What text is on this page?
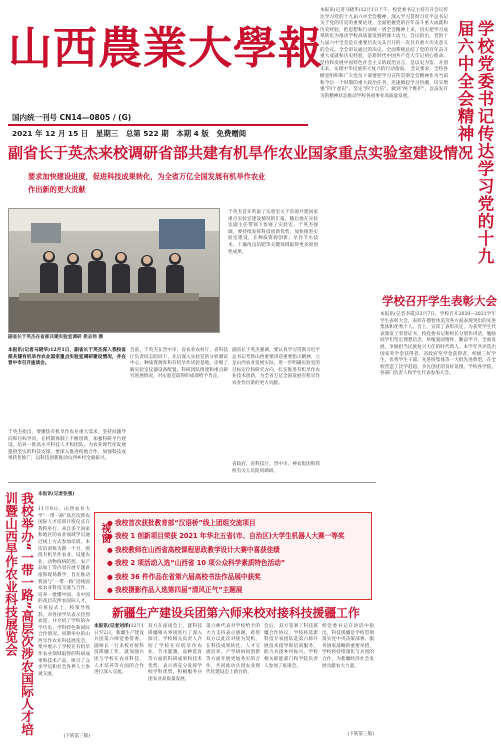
山西農業大學報
国内统一刊号 CN14—0805 / (G)
2021 年 12 月 15 日 星期三 总第 522 期 本期 4 版 免费赠阅	学校党委书记传达学习党的十九届六中全会精神
本报讯(记者马晓华)12月1日下午，校党委书记主持召开会议传达学习党的十九届六中全会精神，深入学习贯彻习近平总书记关于党的历史的重要论述，全面把握党的百年奋斗重大成就和历史经验，把思想和行动统一到全会精神上来，切实把学习成果转化为推动学校高质量发展的强大动力。会议指出，党的十九届六中全会是在重要历史关头召开的一次具有重大历史意义的会议。全会审议通过的决议，全面系统总结了党的百年奋斗重大成就和历史经验，是新时代中国共产党人牢记初心使命、坚持和发展中国特色社会主义的政治宣言，是以史为鉴、开创未来，实现中华民族伟大复兴的行动指南。 会议要求，全校各级党组织和广大党员干部要把学习宣传贯彻全会精神作为当前和今后一个时期的重大政治任务，迅速掀起学习热潮，切实增强“四个意识”、坚定“四个自信”、做到“两个维护”，以奋发有为的精神状态推动学校各项事业高质量发展。
学校召开学生表彰大会
本报讯(记者李霞)12月7日，学校召开2020—2021学年学生表彰大会，表彰在德智体美劳各方面表现突出的先进集体和优秀个人。会上，宣读了表彰决定，为获奖学生代表颁发了荣誉证书，校党委书记和校长分别作讲话，勉励同学们坚定理想信念，厚植爱国情怀，勤奋学习，全面发展，争做担当民族复兴大任的时代新人。本学年共评选出国家奖学金获得者、省政府奖学金获得者、校级三好学生、优秀学生干部、先进班集体等一大批先进典型，在全校营造了比学赶超、争先创优的良好氛围。学校各学院、各部门负责人和学生代表参加大会。
副省长于英杰来校调研省部共建有机旱作农业国家重点实验室建设情况
要求加快建设进度，促进科技成果转化，为全省万亿全国发展有机旱作农业
作出新的更大贡献
副省长于英杰在省部共建实验室调研 侯志伟 摄
于英杰首先听取了实验室关于省部共建国家重点实验室建设情况的汇报，随后他在实验室副主任带领下参观了实验室。于英杰强调，要持续发挥科技创新优势，加快推进实验室建设，在种质资源创新、旱作节水技术、土壤改良培肥等关键领域取得更多原创性成果。
本报讯(记者马晓华)12月1日，副省长于英杰深入我校省部共建有机旱作农业国家重点实验室调研建设情况，并在晋中市召开座谈会。
于英杰指出，要聚焦有机旱作农业重大需求，坚持问题导向和目标导向，在机制体制上不断创新，加强科研平台建设，培养一批高水平科技人才和团队，为农业现代化发展提供坚实的科技支撑。要深入推进校地合作，加强科技成果转化推广，以科技创新推动山西乡村全面振兴。
会前，于英杰在晋中市、省农业农村厅、省科技厅负责同志陪同下，先后深入实验室的分析测试中心、种质资源库和有机旱作试验基地，详细了解实验室仪器设备配置、科研团队组建和重点研究进展情况，对实验室取得的成效给予肯定。
副省长于英杰强调，要认真学习贯彻习近平总书记考察山西重要讲话重要指示精神，立足山西农业发展实际，进一步明确实验室的目标定位和研究方向，扎实推进有机旱作农业技术创新，为全省万亿全国发展有机旱作农业作出新的更大贡献。
省政府、省科技厅、晋中市、神农集团和我校有关人员陪同调研。
本报讯(记者张强)
我校举办“一带一路”高层次涉农国际人才培训暨山西旱作农业科技展览会	11月9日，山西农业大学“一带一路”高层次涉农国际人才培训开班仪式在我校举行。来自多个国家和地区的农业领域学员通过线上方式参加培训。本次培训班为期一个月，围绕有机旱作农业、设施农业、动物疫病防控、农产品加工等内容开展专题讲座和现场教学，旨在推动我国与“一带一路”沿线国家农业科技交流与合作，培养一批懂中国、亲中国的高层次涉农国际人才。开班仪式上，校领导致辞，对各国学员表示热烈欢迎，并介绍了学校的办学历史、学科特色和国际合作情况。同期举办的山西旱作农业科技展览会，集中展示了学校在有机旱作农业领域取得的科研成果和技术产品，吸引了众多学员和社会各界人士参观交流。
(下转第三版)
视窗
● 我校首次获批教育部“汉语桥”线上团组交流项目
● 我校 1 创新项目荣获 2021 年华北五省(市、自治区)大学生机器人大赛一等奖
● 我校教师在山西省高校课程思政教学设计大赛中喜获佳绩
● 我校 2 项活动入选“山西省 10 项公众科学素质特色活动”
● 我校 36 件作品在省第六届高校书法作品展中获奖
● 我校摄影作品入选第四届“清风正气”主题展
新疆生产建设兵团第六师来校对接科技援疆工作
本报讯(记者刘洋)12月1日至2日，新疆生产建设兵团第六师党委常委、副师长一行来校对接科技援疆工作，就加强兵团与学校在农业科技、人才培养等方面的合作进行深入交流。
双方在座谈会上，就科技援疆相关事项进行了深入探讨。学校相关负责人介绍了学校在有机旱作农业、节水灌溉、品种选育等方面的科研成果和技术优势，表示将充分发挥学校学科优势，积极服务兵团农业高质量发展。
第六师代表对学校给予的大力支持表示感谢，希望双方以此次对接为契机，在科技成果转化、人才交流培养、产学研协同创新等方面开展更加务实的合作，共同推动兵团农业现代化建设迈上新台阶。
会后，双方签署了科技援疆合作协议。学校将选派科技专家团队赴第六师开展技术指导和培训服务，助力兵团乡村振兴。学校相关职能部门和学院负责人参加了座谈会。
校党委书记在讲话中指出，科技援疆是学校贯彻落实党中央决策部署、服务国家战略的重要举措，学校将持续深化与兵团的合作，为新疆经济社会发展贡献农大力量。
(下转第三版)
